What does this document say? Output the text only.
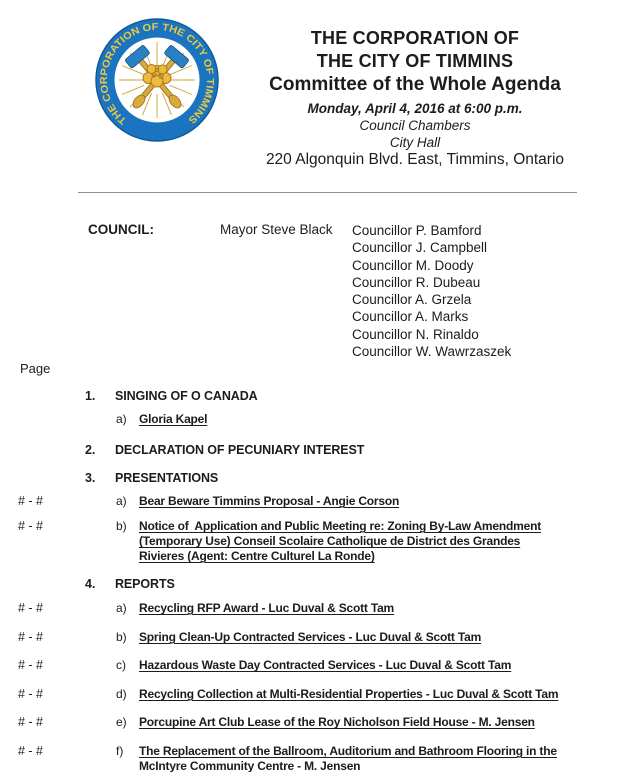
THE CORPORATION OF THE CITY OF TIMMINS
THE CORPORATION OF
THE CITY OF TIMMINS
Committee of the Whole Agenda
Monday, April 4, 2016 at 6:00 p.m.
Council Chambers
City Hall
220 Algonquin Blvd. East, Timmins, Ontario
COUNCIL:	Mayor Steve Black Councillor P. Bamford
Councillor J. Campbell
Councillor M. Doody
Councillor R. Dubeau
Councillor A. Grzela
Councillor A. Marks
Councillor N. Rinaldo
Councillor W. Wawrzaszek
Page
1. SINGING OF O CANADA
a) Gloria Kapel
2. DECLARATION OF PECUNIARY INTEREST
3. PRESENTATIONS
# - #	a) Bear Beware Timmins Proposal - Angie Corson
# - #	b) Notice of  Application and Public Meeting re: Zoning By-Law Amendment
(Temporary Use) Conseil Scolaire Catholique de District des Grandes
Rivieres (Agent: Centre Culturel La Ronde)
4. REPORTS
# - #	a) Recycling RFP Award - Luc Duval & Scott Tam
# - #	b) Spring Clean-Up Contracted Services - Luc Duval & Scott Tam
# - #	c) Hazardous Waste Day Contracted Services - Luc Duval & Scott Tam
# - #	d) Recycling Collection at Multi-Residential Properties - Luc Duval & Scott Tam
# - #	e) Porcupine Art Club Lease of the Roy Nicholson Field House - M. Jensen
# - #	f) The Replacement of the Ballroom, Auditorium and Bathroom Flooring in the
McIntyre Community Centre - M. Jensen
